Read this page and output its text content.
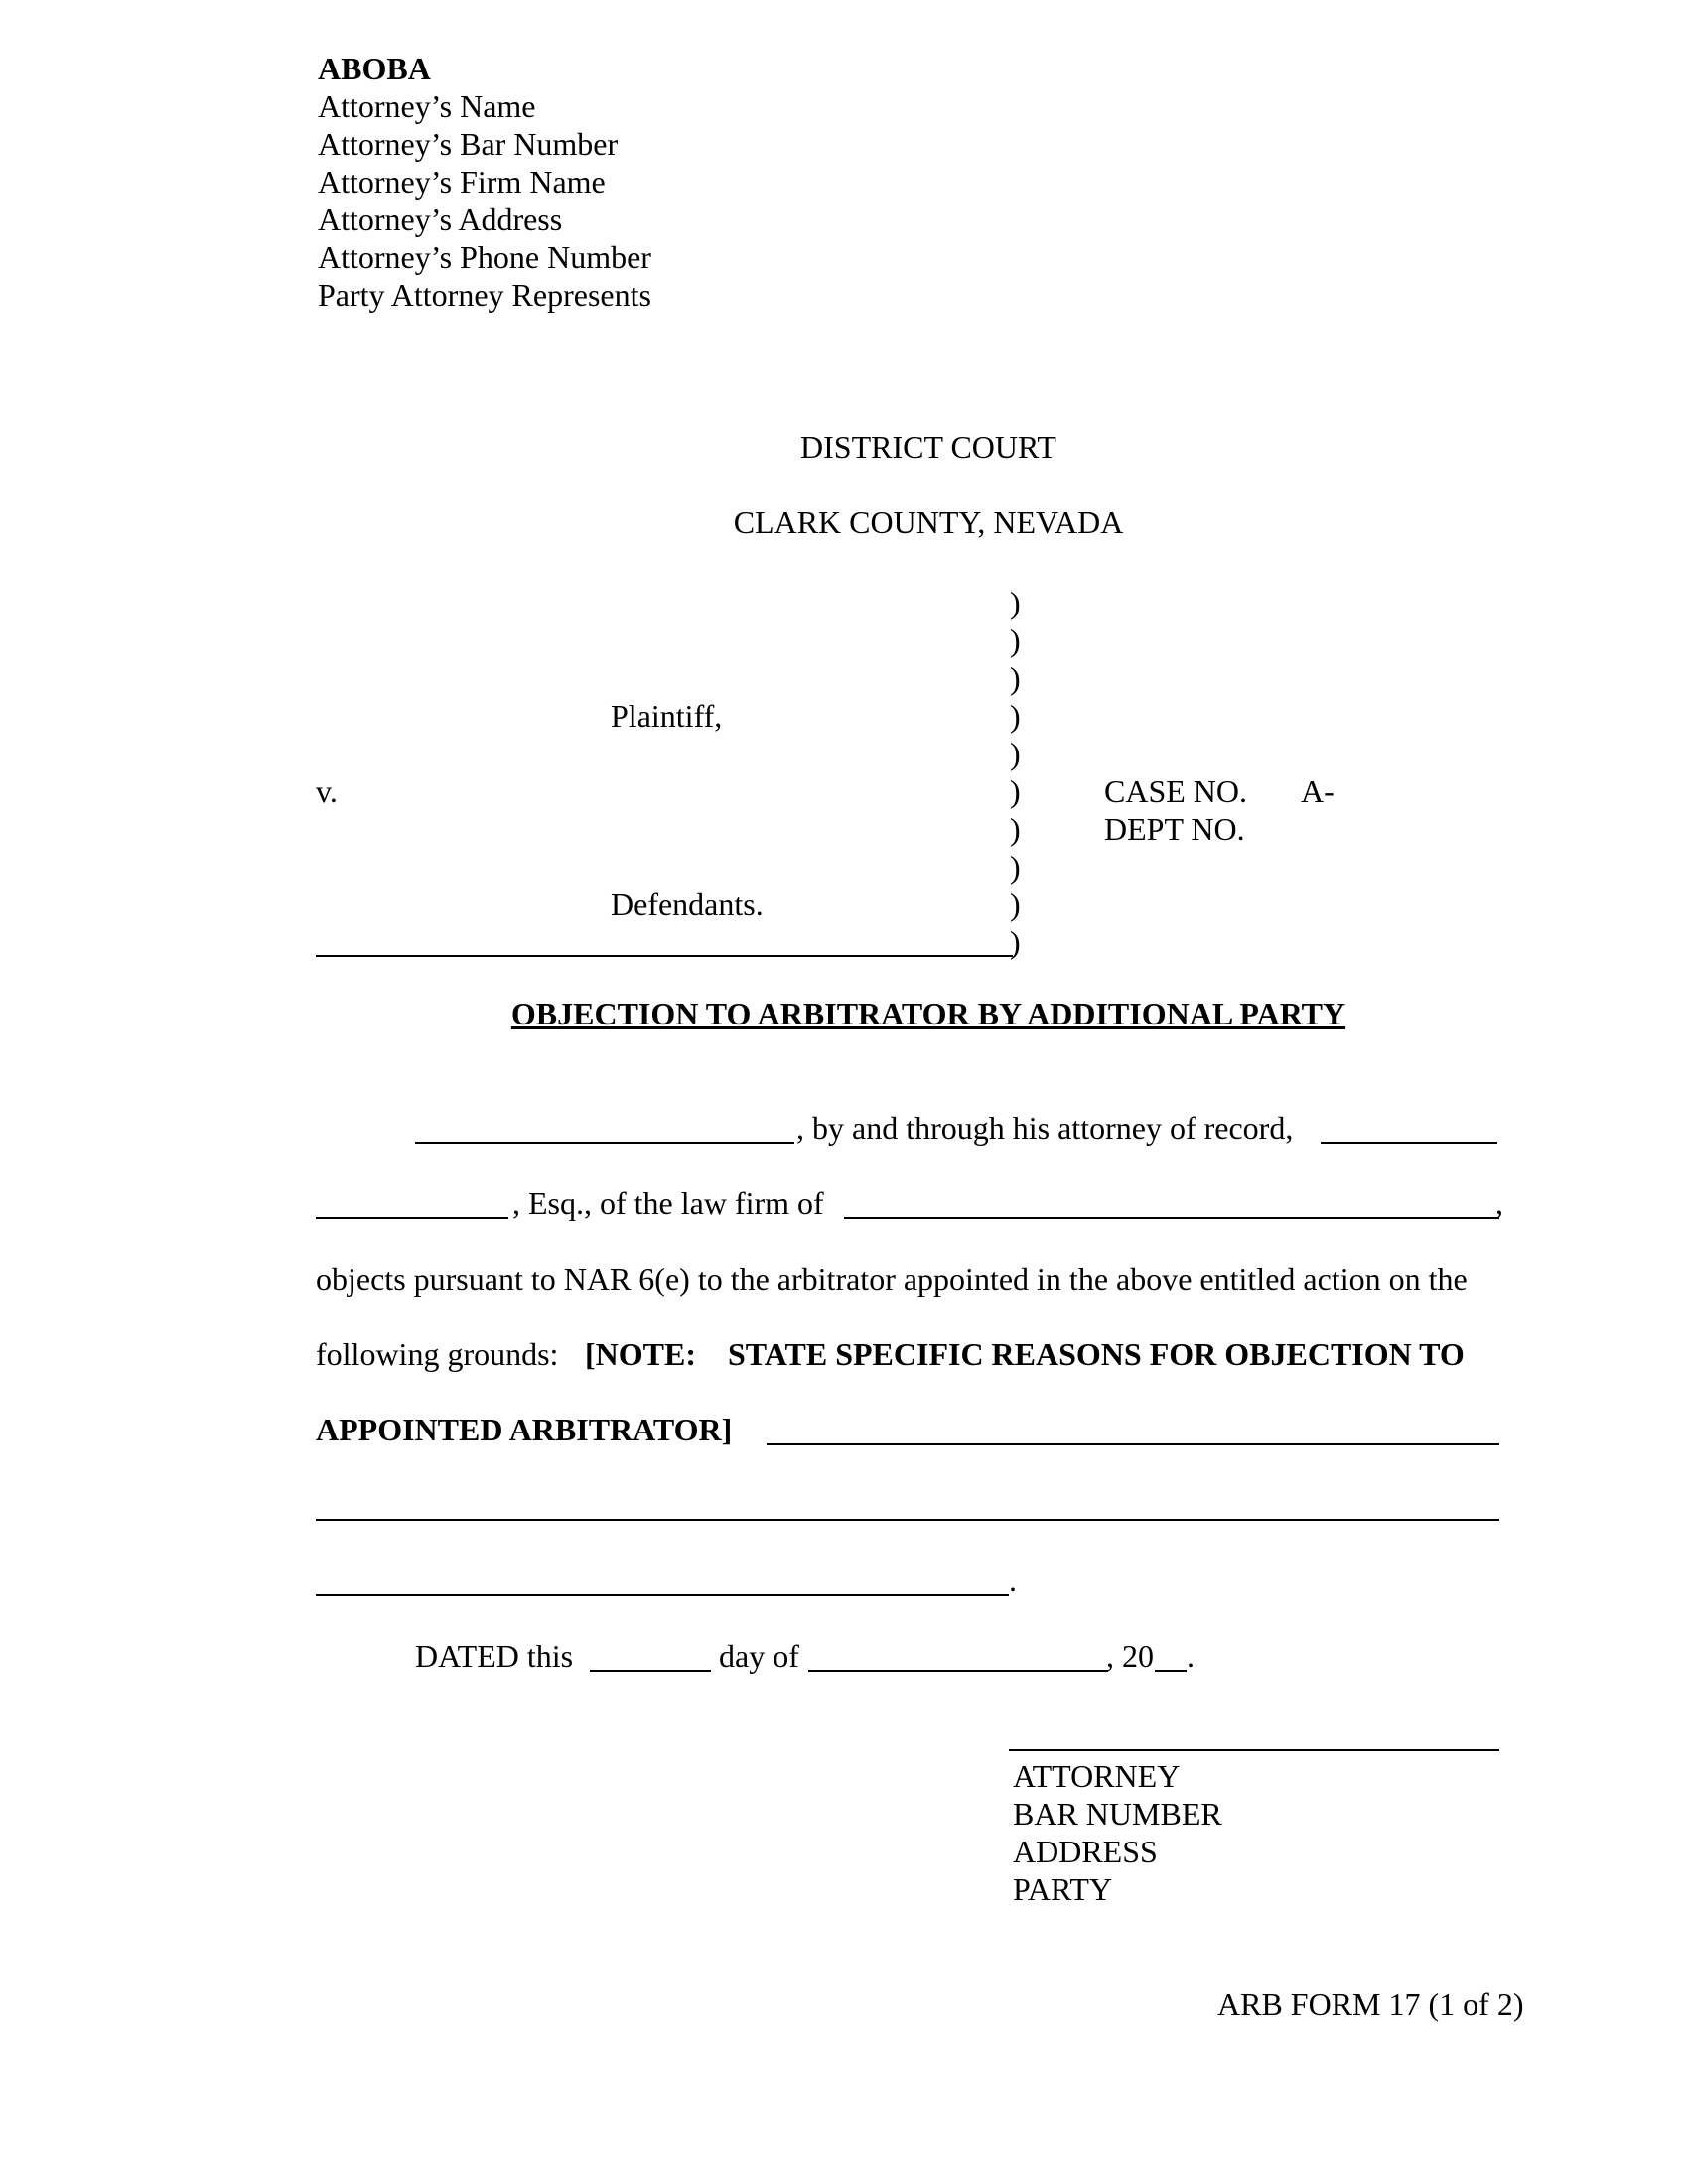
ABOBA
Attorney’s Name
Attorney’s Bar Number
Attorney’s Firm Name
Attorney’s Address
Attorney’s Phone Number
Party Attorney Represents
DISTRICT COURT
CLARK COUNTY, NEVADA
)
)
)
)
)
)
)
)
)
)
Plaintiff,
v.
Defendants.
CASE NO. A-
DEPT NO.
OBJECTION TO ARBITRATOR BY ADDITIONAL PARTY
, by and through his attorney of record,
, Esq., of the law firm of	,
objects pursuant to NAR 6(e) to the arbitrator appointed in the above entitled action on the
following grounds: [NOTE:    STATE SPECIFIC REASONS FOR OBJECTION TO
APPOINTED ARBITRATOR]
.
DATED this	day of	, 20 .
ATTORNEY
BAR NUMBER
ADDRESS
PARTY
ARB FORM 17 (1 of 2)
